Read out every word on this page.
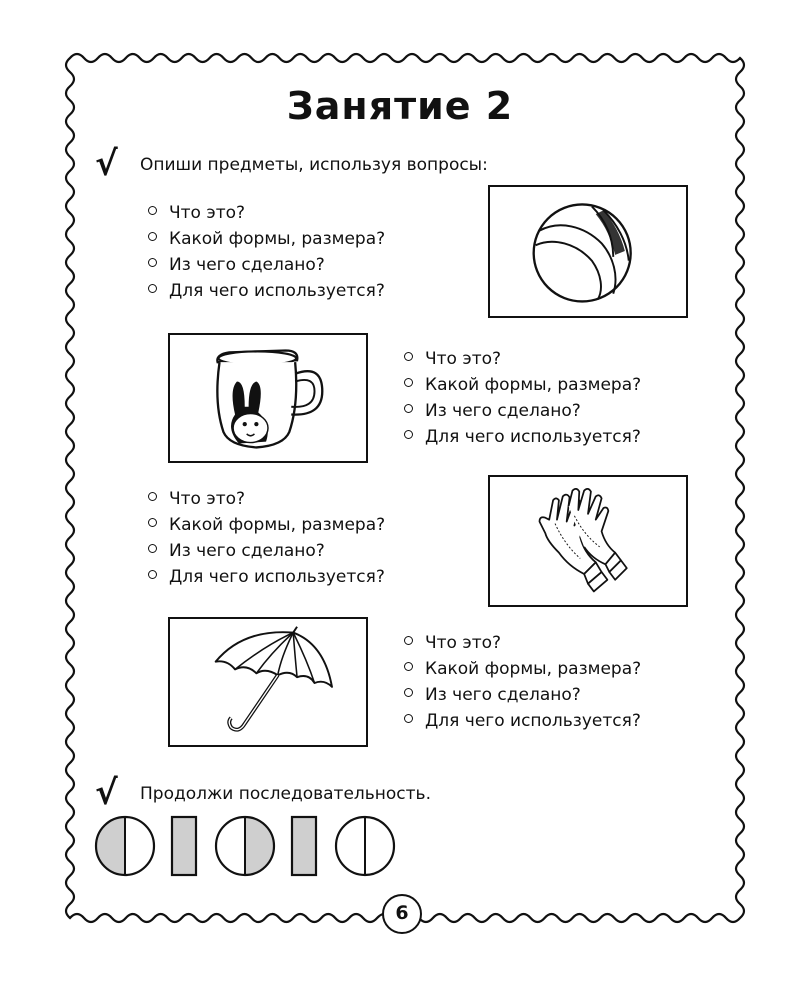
Занятие 2
√ Опиши предметы, используя вопросы:
Что это?
Какой формы, размера?
Из чего сделано?
Для чего используется?
Что это?
Какой формы, размера?
Из чего сделано?
Для чего используется?
Что это?
Какой формы, размера?
Из чего сделано?
Для чего используется?
Что это?
Какой формы, размера?
Из чего сделано?
Для чего используется?
√ Продолжи последовательность.
6
